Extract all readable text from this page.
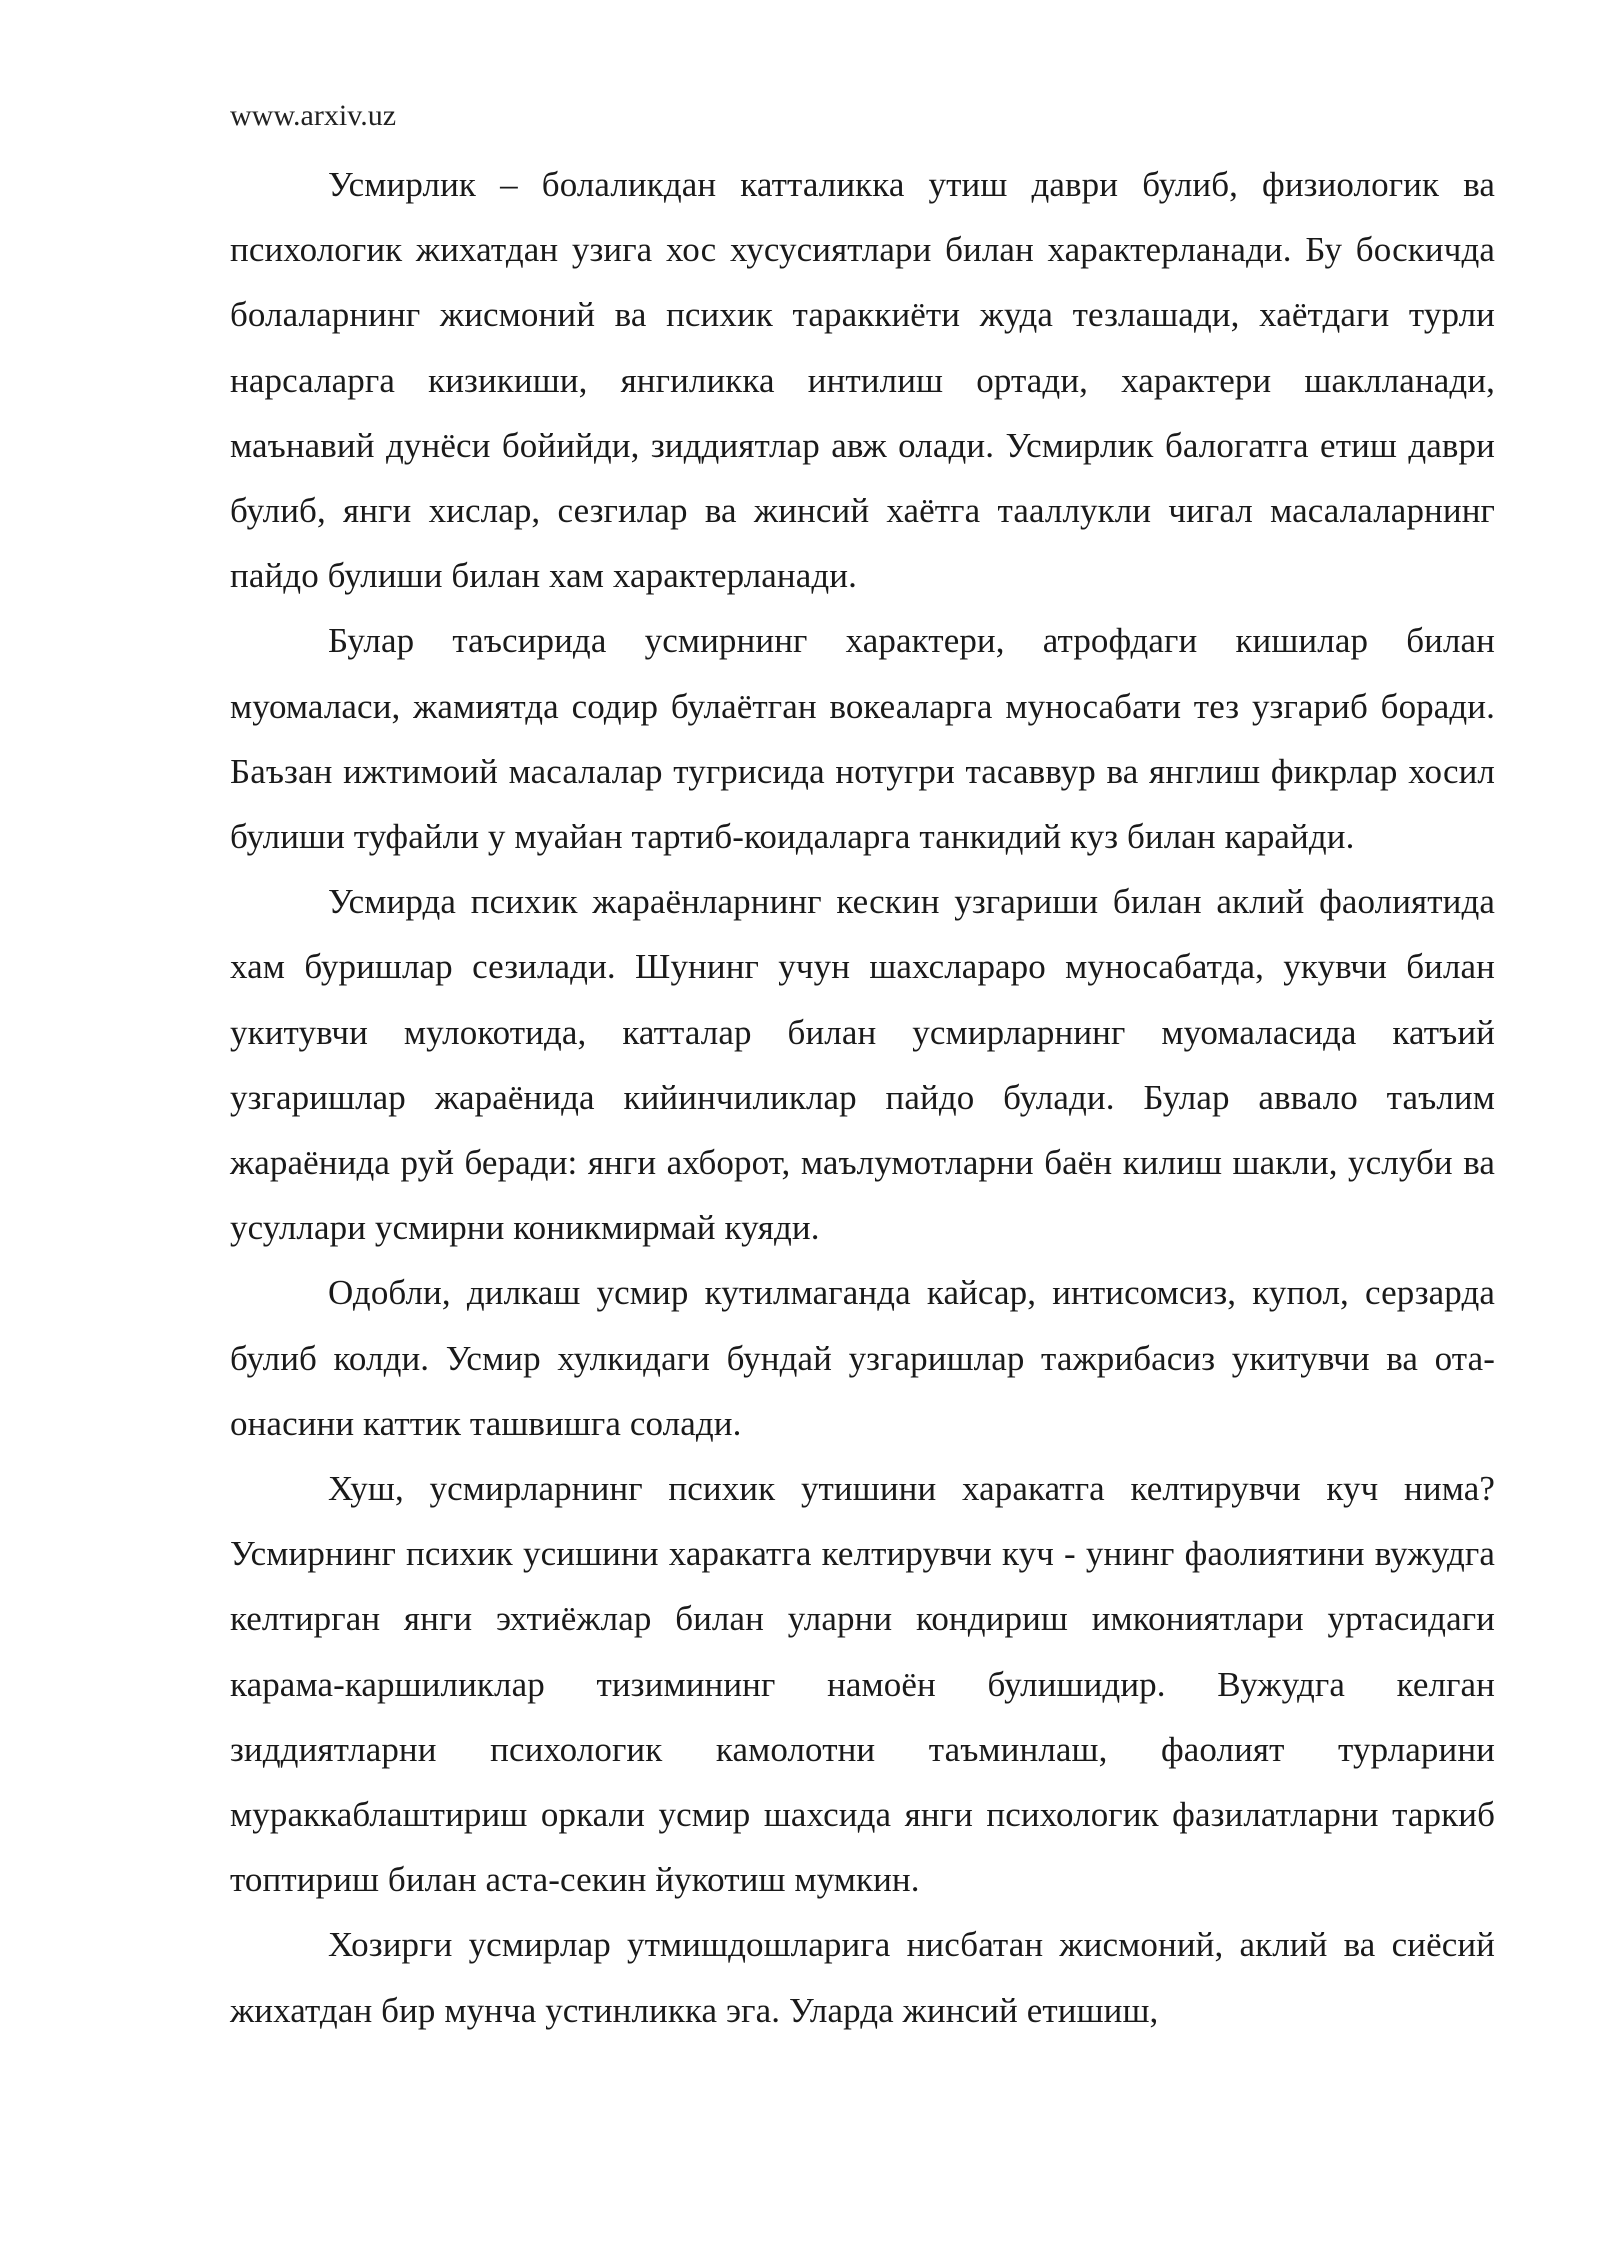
www.arxiv.uz

Усмирлик – болаликдан катталикка утиш даври булиб, физиологик ва психологик жихатдан узига хос хусусиятлари билан характерланади. Бу боскичда болаларнинг жисмоний ва психик тараккиёти жуда тезлашади, хаётдаги турли нарсаларга кизикиши, янгиликка интилиш ортади, характери шаклланади, маънавий дунёси бойийди, зиддиятлар авж олади. Усмирлик балогатга етиш даври булиб, янги хислар, сезгилар ва жинсий хаётга тааллукли чигал масалаларнинг пайдо булиши билан хам характерланади.

Булар таъсирида усмирнинг характери, атрофдаги кишилар билан муомаласи, жамиятда содир булаётган вокеаларга муносабати тез узгариб боради. Баъзан ижтимоий масалалар тугрисида нотугри тасаввур ва янглиш фикрлар хосил булиши туфайли у муайан тартиб-коидаларга танкидий куз билан карайди.

Усмирда психик жараёнларнинг кескин узгариши билан аклий фаолиятида хам буришлар сезилади. Шунинг учун шахслараро муносабатда, укувчи билан укитувчи мулокотида, катталар билан усмирларнинг муомаласида катъий узгаришлар жараёнида кийинчиликлар пайдо булади. Булар аввало таълим жараёнида руй беради: янги ахборот, маълумотларни баён килиш шакли, услуби ва усуллари усмирни коникмирмай куяди.

Одобли, дилкаш усмир кутилмаганда кайсар, интисомсиз, купол, серзарда булиб колди. Усмир хулкидаги бундай узгаришлар тажрибасиз укитувчи ва ота-онасини каттик ташвишга солади.

Хуш, усмирларнинг психик утишини харакатга келтирувчи куч нима? Усмирнинг психик усишини харакатга келтирувчи куч - унинг фаолиятини вужудга келтирган янги эхтиёжлар билан уларни кондириш имкониятлари уртасидаги карама-каршиликлар тизимининг намоён булишидир. Вужудга келган зиддиятларни психологик камолотни таъминлаш, фаолият турларини мураккаблаштириш оркали усмир шахсида янги психологик фазилатларни таркиб топтириш билан аста-секин йукотиш мумкин.

Хозирги усмирлар утмишдошларига нисбатан жисмоний, аклий ва сиёсий жихатдан бир мунча устинликка эга. Уларда жинсий етишиш,
